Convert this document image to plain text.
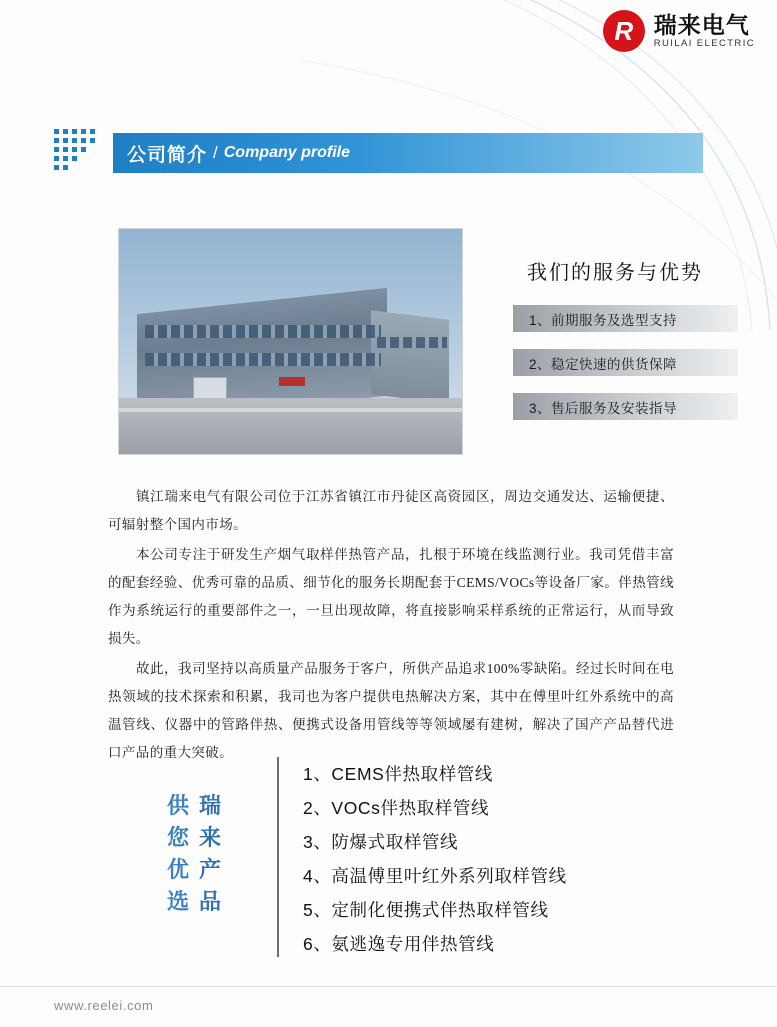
R 瑞来电气
RUILAI ELECTRIC
公司简介 / Company profile
我们的服务与优势
1、前期服务及选型支持
2、稳定快速的供货保障
3、售后服务及安装指导

镇江瑞来电气有限公司位于江苏省镇江市丹徒区高资园区，周边交通发达、运输便捷、可辐射整个国内市场。

本公司专注于研发生产烟气取样伴热管产品，扎根于环境在线监测行业。我司凭借丰富的配套经验、优秀可靠的品质、细节化的服务长期配套于CEMS/VOCs等设备厂家。伴热管线作为系统运行的重要部件之一，一旦出现故障，将直接影响采样系统的正常运行，从而导致损失。

故此，我司坚持以高质量产品服务于客户，所供产品追求100%零缺陷。经过长时间在电热领域的技术探索和积累，我司也为客户提供电热解决方案，其中在傅里叶红外系统中的高温管线、仪器中的管路伴热、便携式设备用管线等等领域屡有建树，解决了国产产品替代进口产品的重大突破。

供
您
优
选
瑞
来
产
品
1、CEMS伴热取样管线
2、VOCs伴热取样管线
3、防爆式取样管线
4、高温傅里叶红外系列取样管线
5、定制化便携式伴热取样管线
6、氨逃逸专用伴热管线
www.reelei.com
